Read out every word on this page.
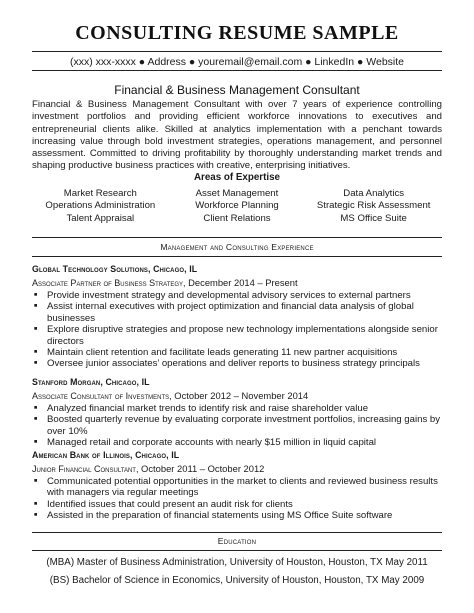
CONSULTING RESUME SAMPLE
(xxx) xxx-xxxx ● Address ● youremail@email.com ● LinkedIn ● Website
Financial & Business Management Consultant

Financial & Business Management Consultant with over 7 years of experience controlling investment portfolios and providing efficient workforce innovations to executives and entrepreneurial clients alike. Skilled at analytics implementation with a penchant towards increasing value through bold investment strategies, operations management, and personnel assessment. Committed to driving profitability by thoroughly understanding market trends and shaping productive business practices with creative, enterprising initiatives.

Areas of Expertise
Market Research	Asset Management	Data Analytics
Operations Administration	Workforce Planning	Strategic Risk Assessment
Talent Appraisal	Client Relations	MS Office Suite
Management and Consulting Experience
Global Technology Solutions, Chicago, IL
Associate Partner of Business Strategy, December 2014 – Present
■ Provide investment strategy and developmental advisory services to external partners
■ Assist internal executives with project optimization and financial data analysis of global businesses
■ Explore disruptive strategies and propose new technology implementations alongside senior directors
■ Maintain client retention and facilitate leads generating 11 new partner acquisitions
■ Oversee junior associates’ operations and deliver reports to business strategy principals
Stanford Morgan, Chicago, IL
Associate Consultant of Investments, October 2012 – November 2014
■ Analyzed financial market trends to identify risk and raise shareholder value
■ Boosted quarterly revenue by evaluating corporate investment portfolios, increasing gains by over 10%
■ Managed retail and corporate accounts with nearly $15 million in liquid capital
American Bank of Illinois, Chicago, IL
Junior Financial Consultant, October 2011 – October 2012
■ Communicated potential opportunities in the market to clients and reviewed business results with managers via regular meetings
■ Identified issues that could present an audit risk for clients
■ Assisted in the preparation of financial statements using MS Office Suite software
Education
(MBA) Master of Business Administration, University of Houston, Houston, TX May 2011
(BS) Bachelor of Science in Economics, University of Houston, Houston, TX May 2009
